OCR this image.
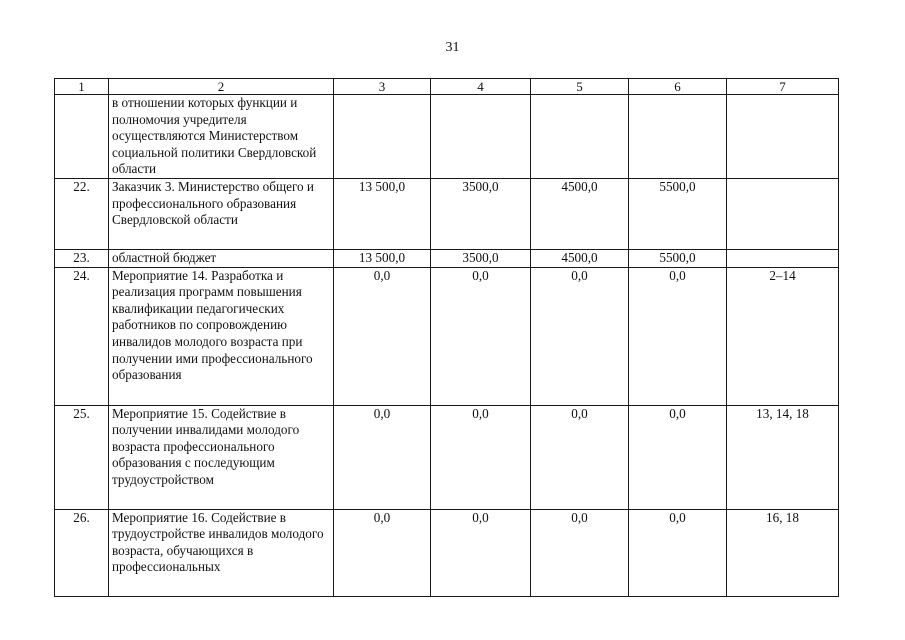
31
1	2	3	4	5	6	7
	в отношении которых функции и полномочия учредителя осуществляются Министерством социальной политики Свердловской области					
22.	Заказчик 3. Министерство общего и профессионального образования Свердловской области	13 500,0	3500,0	4500,0	5500,0	
23.	областной бюджет	13 500,0	3500,0	4500,0	5500,0	
24.	Мероприятие 14. Разработка и реализация программ повышения квалификации педагогических работников по сопровождению инвалидов молодого возраста при получении ими профессионального образования	0,0	0,0	0,0	0,0	2–14
25.	Мероприятие 15. Содействие в получении инвалидами молодого возраста профессионального образования с последующим трудоустройством	0,0	0,0	0,0	0,0	13, 14, 18
26.	Мероприятие 16. Содействие в трудоустройстве инвалидов молодого возраста, обучающихся в профессиональных	0,0	0,0	0,0	0,0	16, 18
